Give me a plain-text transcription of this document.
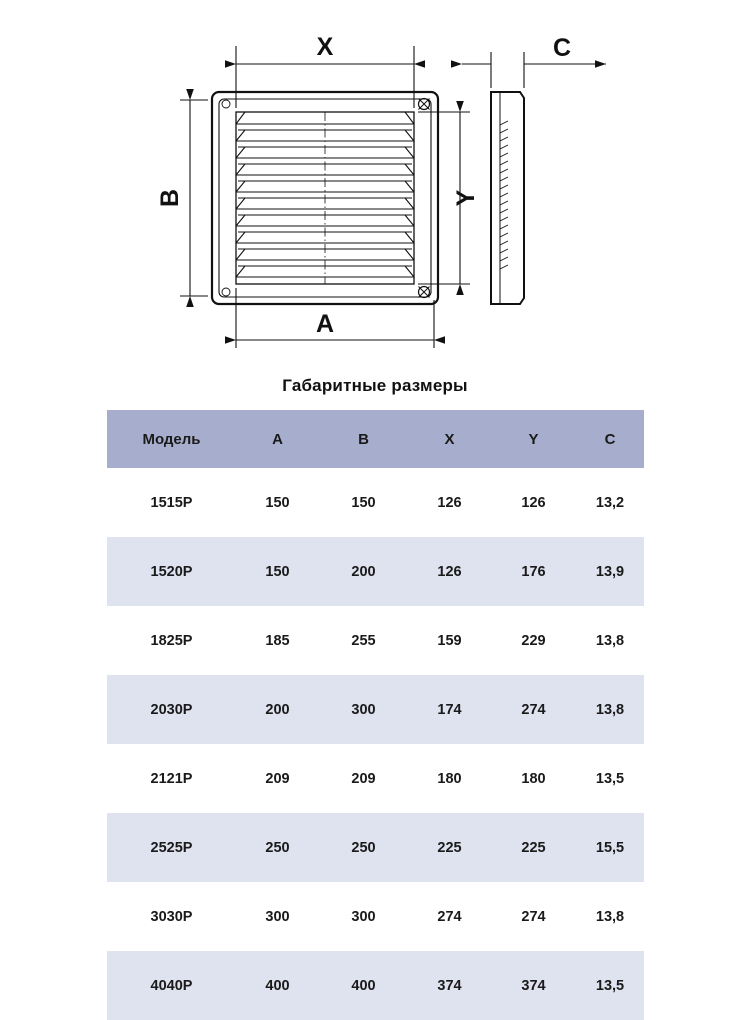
X
A
B	Y
C
Габаритные размеры
Модель	A	B	X	Y	C
1515Р	150	150	126	126	13,2
1520Р	150	200	126	176	13,9
1825Р	185	255	159	229	13,8
2030Р	200	300	174	274	13,8
2121Р	209	209	180	180	13,5
2525Р	250	250	225	225	15,5
3030Р	300	300	274	274	13,8
4040Р	400	400	374	374	13,5
